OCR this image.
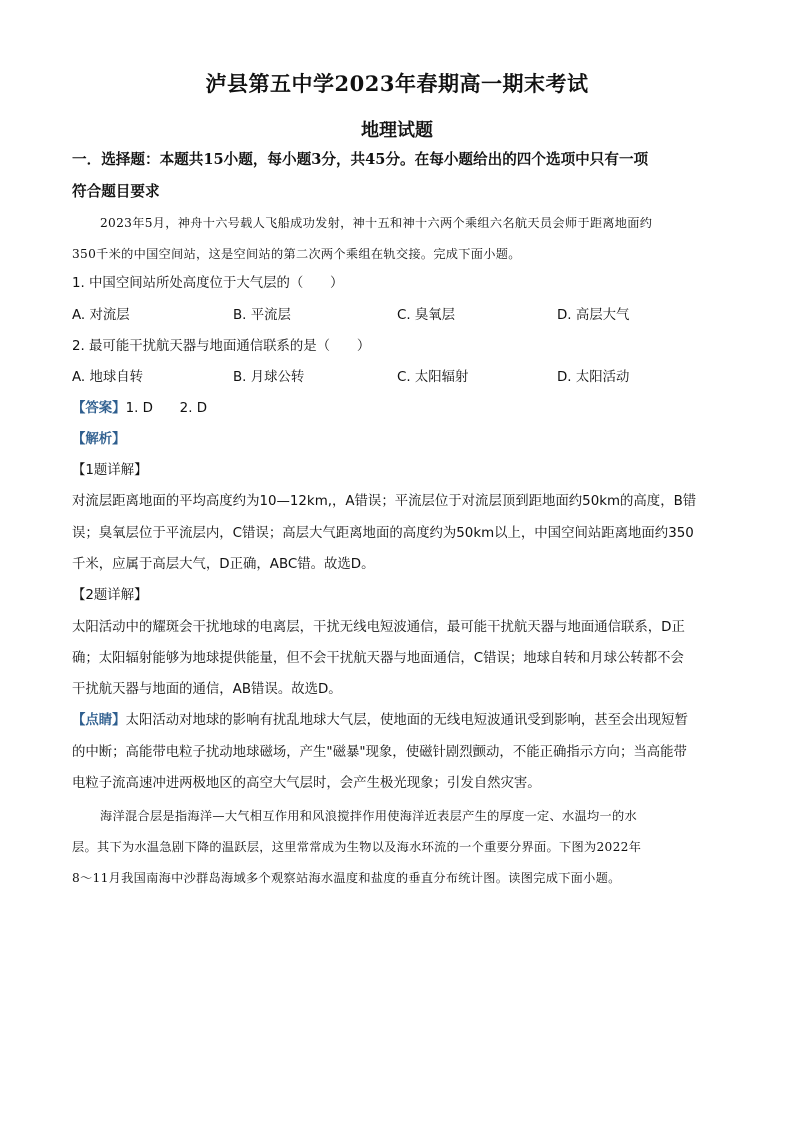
泸县第五中学2023年春期高一期末考试
地理试题

一．选择题：本题共15小题，每小题3分，共45分。在每小题给出的四个选项中只有一项

符合题目要求

2023年5月，神舟十六号载人飞船成功发射，神十五和神十六两个乘组六名航天员会师于距离地面约

350千米的中国空间站，这是空间站的第二次两个乘组在轨交接。完成下面小题。

1. 中国空间站所处高度位于大气层的（　　）

A. 对流层	B. 平流层	C. 臭氧层	D. 高层大气

2. 最可能干扰航天器与地面通信联系的是（　　）

A. 地球自转	B. 月球公转	C. 太阳辐射	D. 太阳活动

【答案】1. D　　2. D

【解析】

【1题详解】

对流层距离地面的平均高度约为10—12km,，A错误；平流层位于对流层顶到距地面约50km的高度，B错

误；臭氧层位于平流层内，C错误；高层大气距离地面的高度约为50km以上，中国空间站距离地面约350

千米，应属于高层大气，D正确，ABC错。故选D。

【2题详解】

太阳活动中的耀斑会干扰地球的电离层，干扰无线电短波通信，最可能干扰航天器与地面通信联系，D正

确；太阳辐射能够为地球提供能量，但不会干扰航天器与地面通信，C错误；地球自转和月球公转都不会

干扰航天器与地面的通信，AB错误。故选D。

【点睛】太阳活动对地球的影响有扰乱地球大气层，使地面的无线电短波通讯受到影响，甚至会出现短暂

的中断；高能带电粒子扰动地球磁场，产生"磁暴"现象，使磁针剧烈颤动，不能正确指示方向；当高能带

电粒子流高速冲进两极地区的高空大气层时，会产生极光现象；引发自然灾害。

海洋混合层是指海洋—大气相互作用和风浪搅拌作用使海洋近表层产生的厚度一定、水温均一的水

层。其下为水温急剧下降的温跃层，这里常常成为生物以及海水环流的一个重要分界面。下图为2022年

8～11月我国南海中沙群岛海域多个观察站海水温度和盐度的垂直分布统计图。读图完成下面小题。
